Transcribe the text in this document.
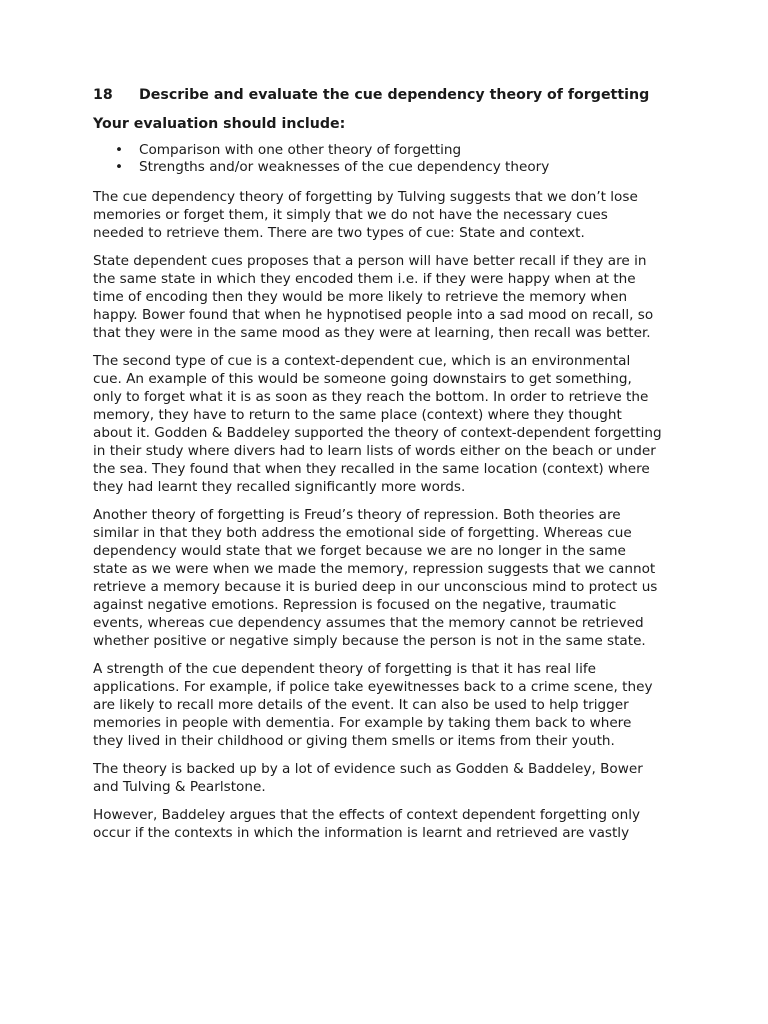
18 Describe and evaluate the cue dependency theory of forgetting
Your evaluation should include:
• Comparison with one other theory of forgetting
• Strengths and/or weaknesses of the cue dependency theory

The cue dependency theory of forgetting by Tulving suggests that we don’t lose memories or forget them, it simply that we do not have the necessary cues needed to retrieve them. There are two types of cue: State and context.

State dependent cues proposes that a person will have better recall if they are in the same state in which they encoded them i.e. if they were happy when at the time of encoding then they would be more likely to retrieve the memory when happy. Bower found that when he hypnotised people into a sad mood on recall, so that they were in the same mood as they were at learning, then recall was better.

The second type of cue is a context-dependent cue, which is an environmental cue. An example of this would be someone going downstairs to get something, only to forget what it is as soon as they reach the bottom. In order to retrieve the memory, they have to return to the same place (context) where they thought about it. Godden & Baddeley supported the theory of context-dependent forgetting in their study where divers had to learn lists of words either on the beach or under the sea. They found that when they recalled in the same location (context) where they had learnt they recalled significantly more words.

Another theory of forgetting is Freud’s theory of repression. Both theories are similar in that they both address the emotional side of forgetting. Whereas cue dependency would state that we forget because we are no longer in the same state as we were when we made the memory, repression suggests that we cannot retrieve a memory because it is buried deep in our unconscious mind to protect us against negative emotions. Repression is focused on the negative, traumatic events, whereas cue dependency assumes that the memory cannot be retrieved whether positive or negative simply because the person is not in the same state.

A strength of the cue dependent theory of forgetting is that it has real life applications. For example, if police take eyewitnesses back to a crime scene, they are likely to recall more details of the event. It can also be used to help trigger memories in people with dementia. For example by taking them back to where they lived in their childhood or giving them smells or items from their youth.

The theory is backed up by a lot of evidence such as Godden & Baddeley, Bower and Tulving & Pearlstone.

However, Baddeley argues that the effects of context dependent forgetting only occur if the contexts in which the information is learnt and retrieved are vastly
